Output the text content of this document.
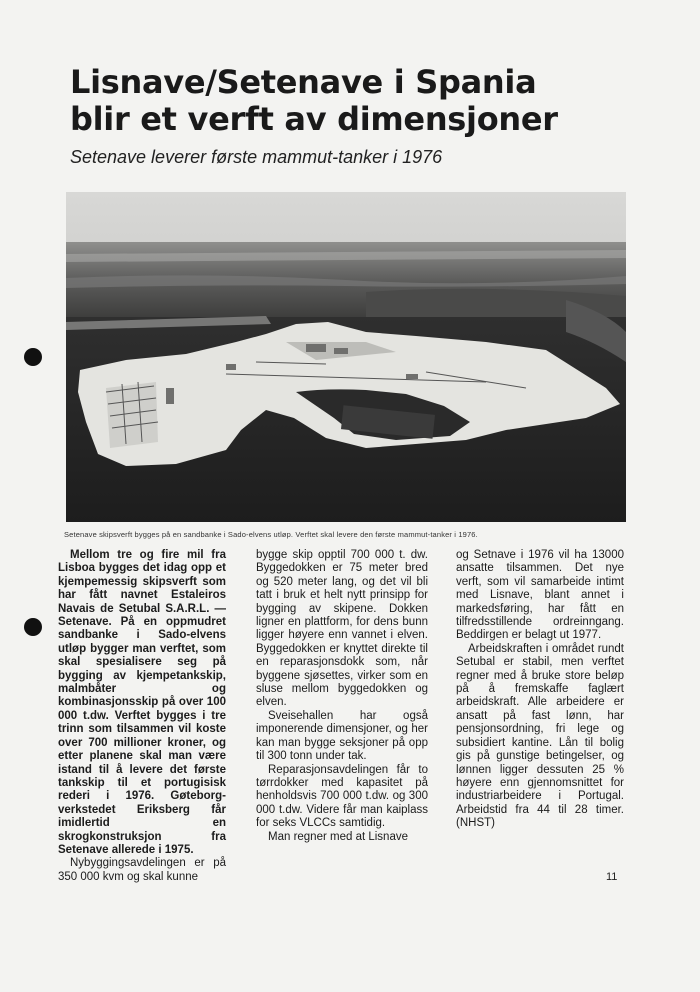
Lisnave/Setenave i Spania
blir et verft av dimensjoner
Setenave leverer første mammut-tanker i 1976
Setenave skipsverft bygges på en sandbanke i Sado-elvens utløp. Verftet skal levere den første mammut-tanker i 1976.

Mellom tre og fire mil fra Lisboa bygges det idag opp et kjempemessig skipsverft som har fått navnet Estaleiros Navais de Setubal S.A.R.L. — Setenave. På en oppmudret sandbanke i Sado-elvens utløp bygger man verftet, som skal spesialisere seg på bygging av kjempetankskip, malmbåter og kombinasjonsskip på over 100 000 t.dw. Verftet bygges i tre trinn som tilsammen vil koste over 700 millioner kroner, og etter planene skal man være istand til å levere det første tankskip til et portugisisk rederi i 1976. Gøteborg-verkstedet Eriksberg får imidlertid en skrogkonstruksjon fra Setenave allerede i 1975.

Nybyggingsavdelingen er på 350 000 kvm og skal kunne

bygge skip opptil 700 000 t. dw. Byggedokken er 75 meter bred og 520 meter lang, og det vil bli tatt i bruk et helt nytt prinsipp for bygging av skipene. Dokken ligner en plattform, for dens bunn ligger høyere enn vannet i elven. Byggedokken er knyttet direkte til en reparasjonsdokk som, når byggene sjøsettes, virker som en sluse mellom byggedokken og elven.

Sveisehallen har også imponerende dimensjoner, og her kan man bygge seksjoner på opp til 300 tonn under tak.

Reparasjonsavdelingen får to tørrdokker med kapasitet på henholdsvis 700 000 t.dw. og 300 000 t.dw. Videre får man kaiplass for seks VLCCs samtidig.

Man regner med at Lisnave

og Setnave i 1976 vil ha 13000 ansatte tilsammen. Det nye verft, som vil samarbeide intimt med Lisnave, blant annet i markedsføring, har fått en tilfredsstillende ordreinngang. Beddirgen er belagt ut 1977.

Arbeidskraften i området rundt Setubal er stabil, men verftet regner med å bruke store beløp på å fremskaffe faglært arbeidskraft. Alle arbeidere er ansatt på fast lønn, har pensjonsordning, fri lege og subsidiert kantine. Lån til bolig gis på gunstige betingelser, og lønnen ligger dessuten 25 % høyere enn gjennomsnittet for industriarbeidere i Portugal. Arbeidstid fra 44 til 28 timer. (NHST)

11
